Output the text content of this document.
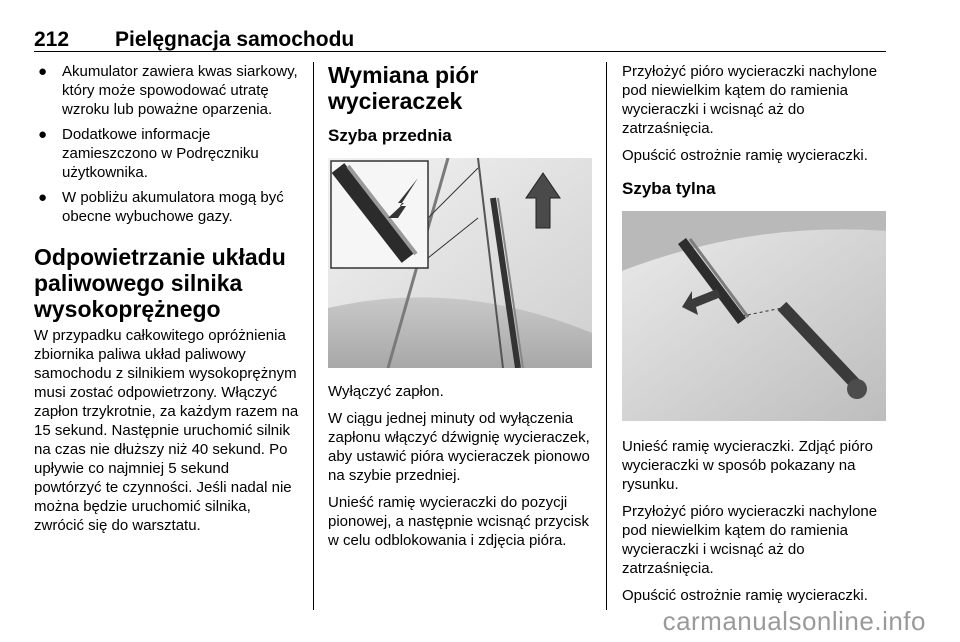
212 Pielęgnacja samochodu
● Akumulator zawiera kwas siarkowy, który może spowodować utratę wzroku lub poważne oparzenia.
● Dodatkowe informacje zamieszczono w Podręczniku użytkownika.
● W pobliżu akumulatora mogą być obecne wybuchowe gazy.
Odpowietrzanie układu paliwowego silnika wysokoprężnego

W przypadku całkowitego opróżnienia zbiornika paliwa układ paliwowy samochodu z silnikiem wysokoprężnym musi zostać odpowietrzony. Włączyć zapłon trzykrotnie, za każdym razem na 15 sekund. Następnie uruchomić silnik na czas nie dłuższy niż 40 sekund. Po upływie co najmniej 5 sekund powtórzyć te czynności. Jeśli nadal nie można będzie uruchomić silnika, zwrócić się do warsztatu.

Wymiana piór wycieraczek
Szyba przednia

Wyłączyć zapłon.

W ciągu jednej minuty od wyłączenia zapłonu włączyć dźwignię wycieraczek, aby ustawić pióra wycieraczek pionowo na szybie przedniej.

Unieść ramię wycieraczki do pozycji pionowej, a następnie wcisnąć przycisk w celu odblokowania i zdjęcia pióra.

Przyłożyć pióro wycieraczki nachylone pod niewielkim kątem do ramienia wycieraczki i wcisnąć aż do zatrzaśnięcia.

Opuścić ostrożnie ramię wycieraczki.

Szyba tylna

Unieść ramię wycieraczki. Zdjąć pióro wycieraczki w sposób pokazany na rysunku.

Przyłożyć pióro wycieraczki nachylone pod niewielkim kątem do ramienia wycieraczki i wcisnąć aż do zatrzaśnięcia.

Opuścić ostrożnie ramię wycieraczki.

carmanualsonline.info
